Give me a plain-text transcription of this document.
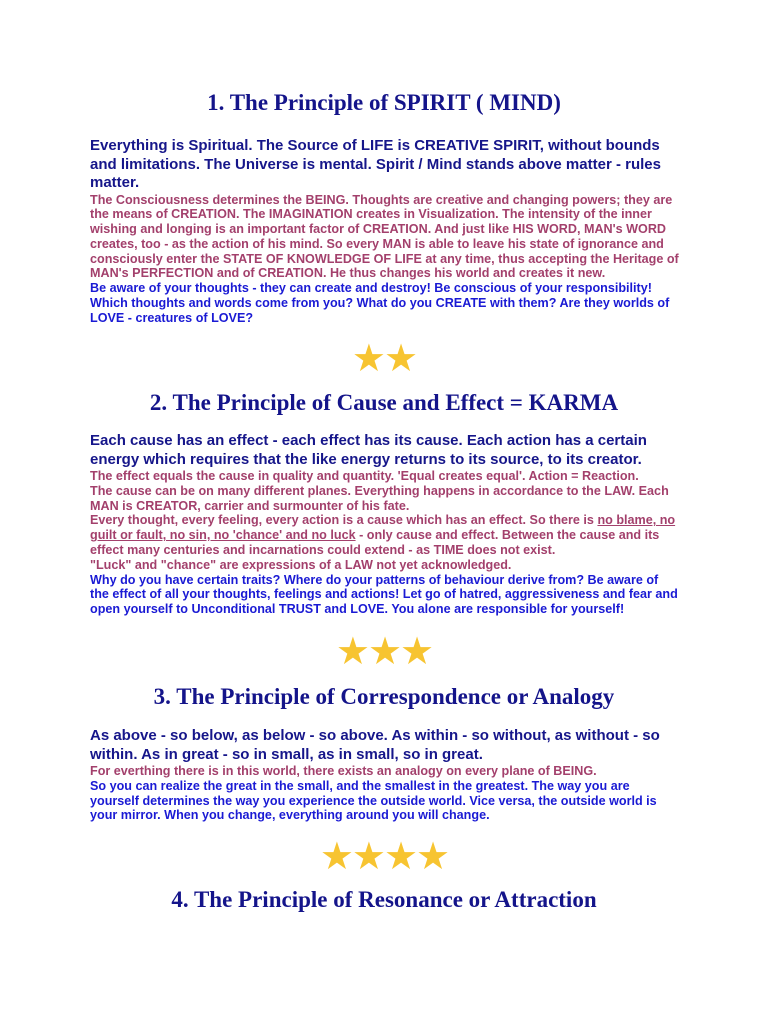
1. The Principle of SPIRIT ( MIND)

Everything is Spiritual. The Source of LIFE is CREATIVE SPIRIT, without bounds and limitations. The Universe is mental. Spirit / Mind stands above matter - rules matter.

The Consciousness determines the BEING. Thoughts are creative and changing powers; they are the means of CREATION. The IMAGINATION creates in Visualization. The intensity of the inner wishing and longing is an important factor of CREATION. And just like HIS WORD, MAN's WORD creates, too - as the action of his mind. So every MAN is able to leave his state of ignorance and consciously enter the STATE OF KNOWLEDGE OF LIFE at any time, thus accepting the Heritage of MAN's PERFECTION and of CREATION. He thus changes his world and creates it new.

Be aware of your thoughts - they can create and destroy! Be conscious of your responsibility! Which thoughts and words come from you? What do you CREATE with them? Are they worlds of LOVE - creatures of LOVE?

★★
2. The Principle of Cause and Effect = KARMA

Each cause has an effect - each effect has its cause. Each action has a certain energy which requires that the like energy returns to its source, to its creator.

The effect equals the cause in quality and quantity. 'Equal creates equal'. Action = Reaction.

The cause can be on many different planes. Everything happens in accordance to the LAW. Each MAN is CREATOR, carrier and surmounter of his fate.

Every thought, every feeling, every action is a cause which has an effect. So there is no blame, no guilt or fault, no sin, no 'chance' and no luck - only cause and effect. Between the cause and its effect many centuries and incarnations could extend - as TIME does not exist.

"Luck" and "chance" are expressions of a LAW not yet acknowledged.

Why do you have certain traits? Where do your patterns of behaviour derive from? Be aware of the effect of all your thoughts, feelings and actions! Let go of hatred, aggressiveness and fear and open yourself to Unconditional TRUST and LOVE. You alone are responsible for yourself!

★★★
3. The Principle of Correspondence or Analogy

As above - so below, as below - so above. As within - so without, as without - so within. As in great - so in small, as in small, so in great.

For everthing there is in this world, there exists an analogy on every plane of BEING.

So you can realize the great in the small, and the smallest in the greatest. The way you are yourself determines the way you experience the outside world. Vice versa, the outside world is your mirror. When you change, everything around you will change.

★★★★
4. The Principle of Resonance or Attraction
